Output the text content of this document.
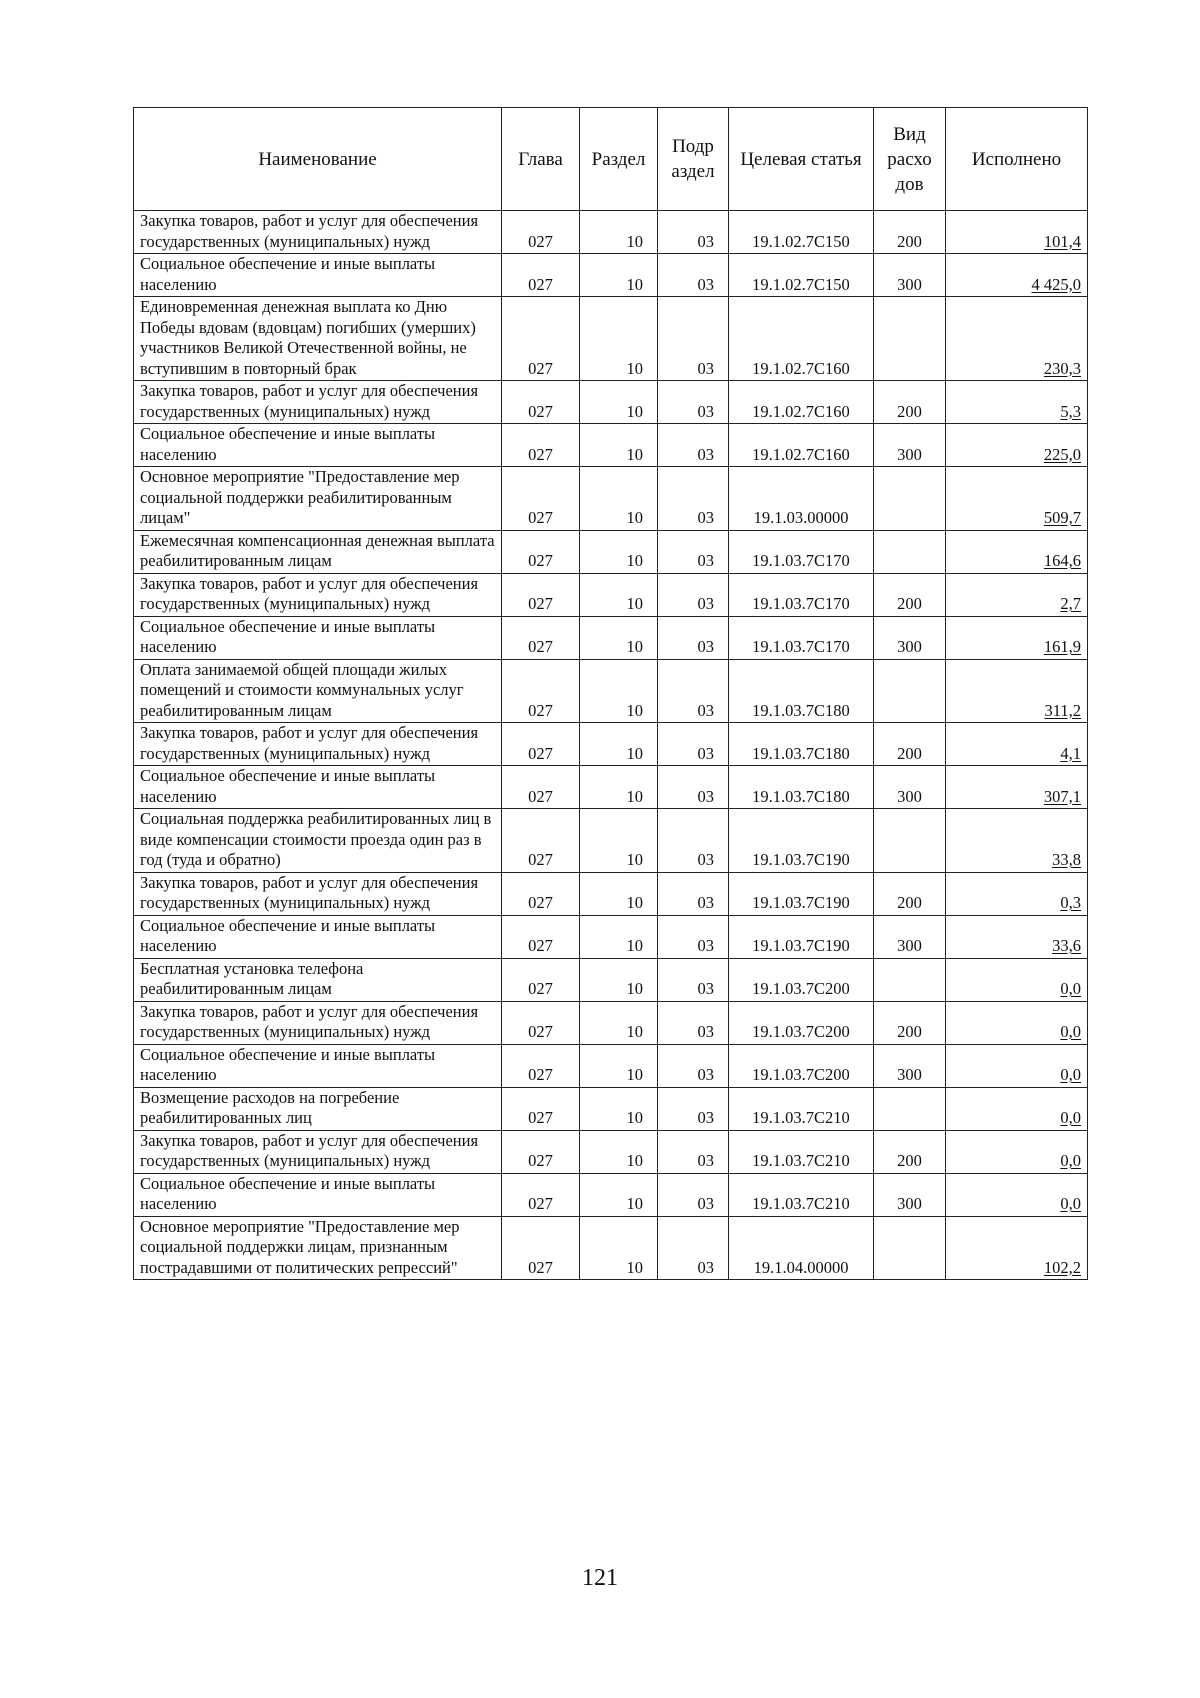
Наименование	Глава	Раздел	Подр аздел	Целевая статья	Вид расхо дов	Исполнено
Закупка товаров, работ и услуг для обеспечения государственных (муниципальных) нужд	027	10	03	19.1.02.7С150	200	101,4
Социальное обеспечение и иные выплаты населению	027	10	03	19.1.02.7С150	300	4 425,0
Единовременная денежная выплата ко Дню Победы вдовам (вдовцам) погибших (умерших) участников Великой Отечественной войны, не вступившим в повторный брак	027	10	03	19.1.02.7С160		230,3
Закупка товаров, работ и услуг для обеспечения государственных (муниципальных) нужд	027	10	03	19.1.02.7С160	200	5,3
Социальное обеспечение и иные выплаты населению	027	10	03	19.1.02.7С160	300	225,0
Основное мероприятие "Предоставление мер социальной поддержки реабилитированным лицам"	027	10	03	19.1.03.00000		509,7
Ежемесячная компенсационная денежная выплата реабилитированным лицам	027	10	03	19.1.03.7С170		164,6
Закупка товаров, работ и услуг для обеспечения государственных (муниципальных) нужд	027	10	03	19.1.03.7С170	200	2,7
Социальное обеспечение и иные выплаты населению	027	10	03	19.1.03.7С170	300	161,9
Оплата занимаемой общей площади жилых помещений и стоимости коммунальных услуг реабилитированным лицам	027	10	03	19.1.03.7С180		311,2
Закупка товаров, работ и услуг для обеспечения государственных (муниципальных) нужд	027	10	03	19.1.03.7С180	200	4,1
Социальное обеспечение и иные выплаты населению	027	10	03	19.1.03.7С180	300	307,1
Социальная поддержка реабилитированных лиц в виде компенсации стоимости проезда один раз в год (туда и обратно)	027	10	03	19.1.03.7С190		33,8
Закупка товаров, работ и услуг для обеспечения государственных (муниципальных) нужд	027	10	03	19.1.03.7С190	200	0,3
Социальное обеспечение и иные выплаты населению	027	10	03	19.1.03.7С190	300	33,6
Бесплатная установка телефона реабилитированным лицам	027	10	03	19.1.03.7С200		0,0
Закупка товаров, работ и услуг для обеспечения государственных (муниципальных) нужд	027	10	03	19.1.03.7С200	200	0,0
Социальное обеспечение и иные выплаты населению	027	10	03	19.1.03.7С200	300	0,0
Возмещение расходов на погребение реабилитированных лиц	027	10	03	19.1.03.7С210		0,0
Закупка товаров, работ и услуг для обеспечения государственных (муниципальных) нужд	027	10	03	19.1.03.7С210	200	0,0
Социальное обеспечение и иные выплаты населению	027	10	03	19.1.03.7С210	300	0,0
Основное мероприятие "Предоставление мер социальной поддержки лицам, признанным пострадавшими от политических репрессий"	027	10	03	19.1.04.00000		102,2
121
